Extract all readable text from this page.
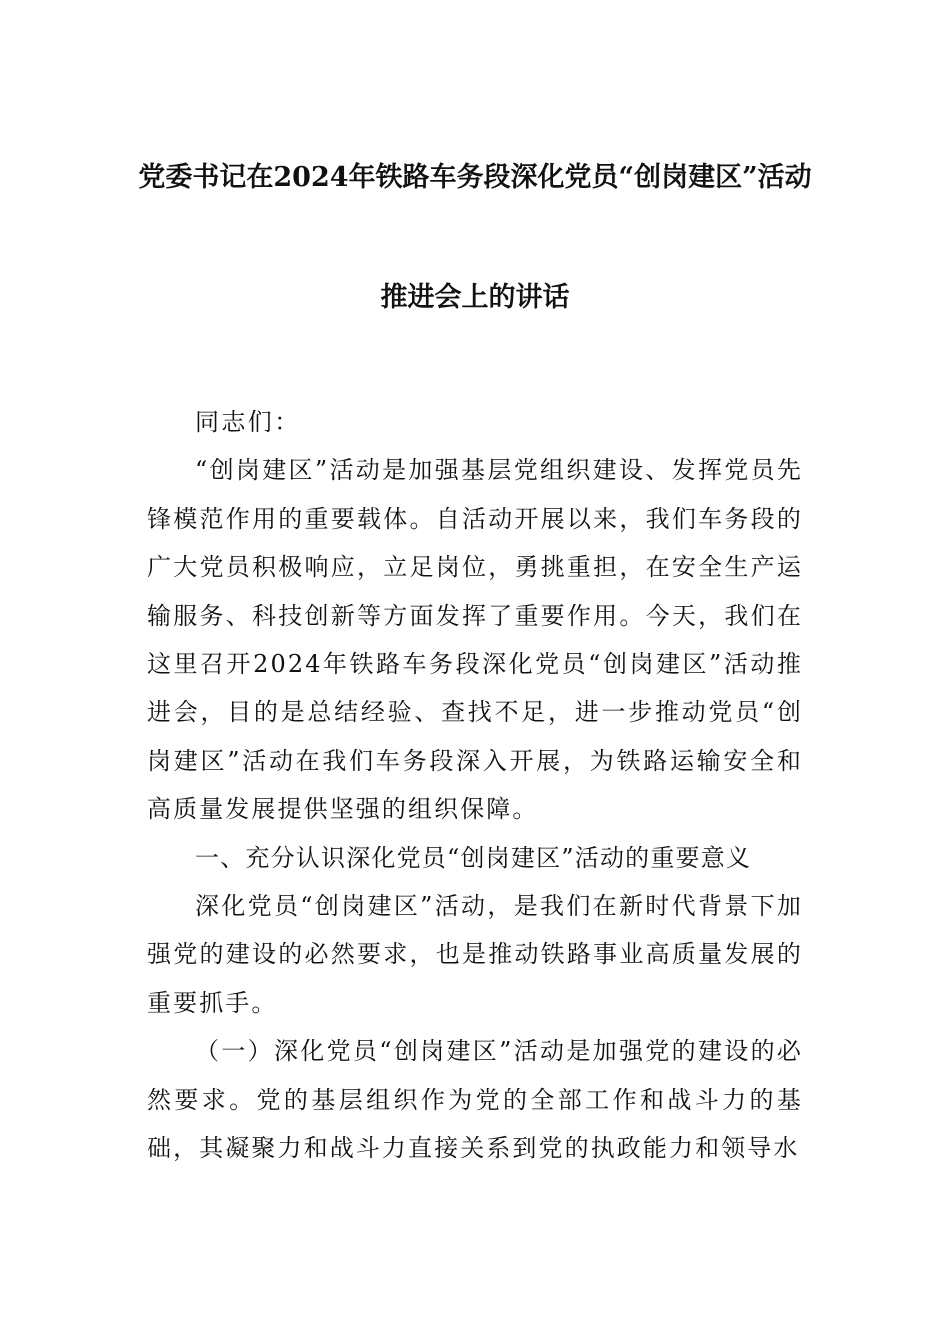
党委书记在2024年铁路车务段深化党员“创岗建区”活动
推进会上的讲话

同志们：

“创岗建区”活动是加强基层党组织建设、发挥党员先锋模范作用的重要载体。自活动开展以来，我们车务段的广大党员积极响应，立足岗位，勇挑重担，在安全生产运输服务、科技创新等方面发挥了重要作用。今天，我们在这里召开2024年铁路车务段深化党员“创岗建区”活动推进会，目的是总结经验、查找不足，进一步推动党员“创岗建区”活动在我们车务段深入开展，为铁路运输安全和高质量发展提供坚强的组织保障。

一、充分认识深化党员“创岗建区”活动的重要意义

深化党员“创岗建区”活动，是我们在新时代背景下加强党的建设的必然要求，也是推动铁路事业高质量发展的重要抓手。

（一）深化党员“创岗建区”活动是加强党的建设的必然要求。党的基层组织作为党的全部工作和战斗力的基础，其凝聚力和战斗力直接关系到党的执政能力和领导水
